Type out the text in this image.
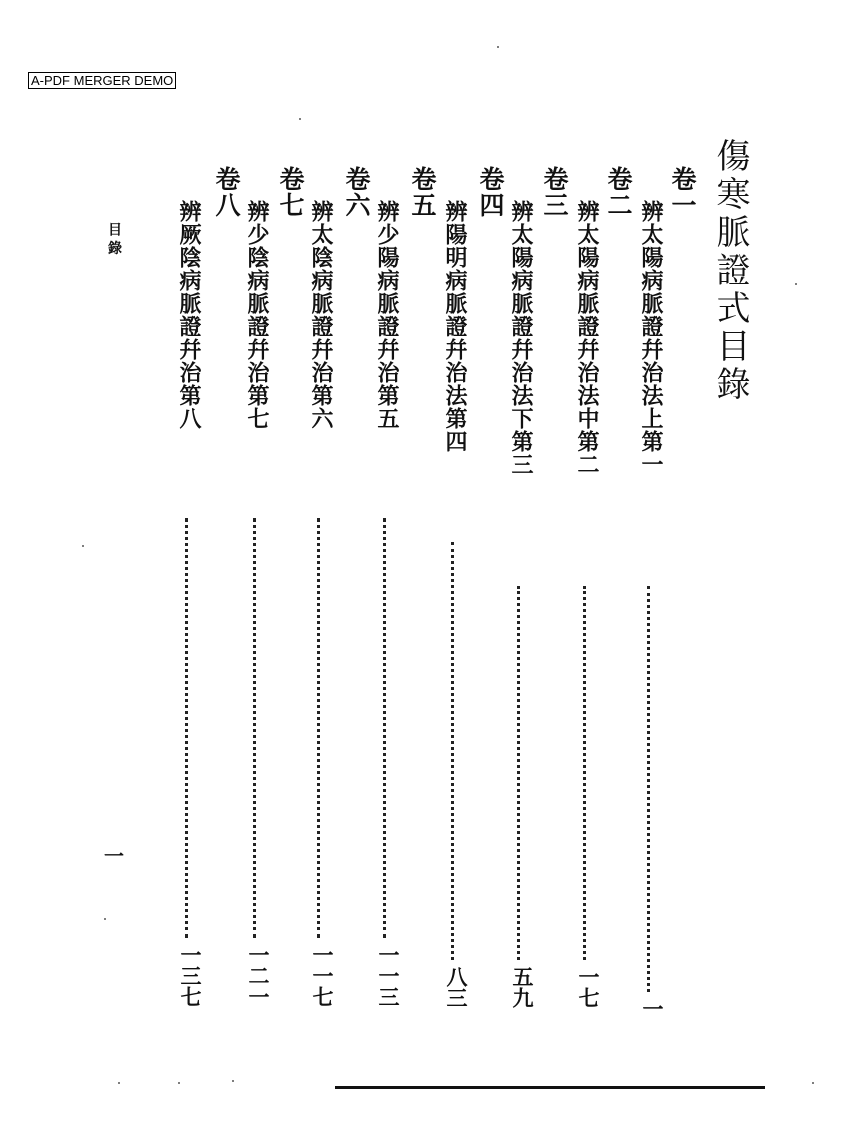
A-PDF MERGER DEMO
傷寒脈證式目錄
卷一
辨太陽病脈證幷治法上第一
一
卷二
辨太陽病脈證幷治法中第二
一七
卷三
辨太陽病脈證幷治法下第三
五九
卷四
辨陽明病脈證幷治法第四
八三
卷五
辨少陽病脈證幷治第五
一一三
卷六
辨太陰病脈證幷治第六
一一七
卷七
辨少陰病脈證幷治第七
一二一
卷八
辨厥陰病脈證幷治第八
一三七
目 錄
一
